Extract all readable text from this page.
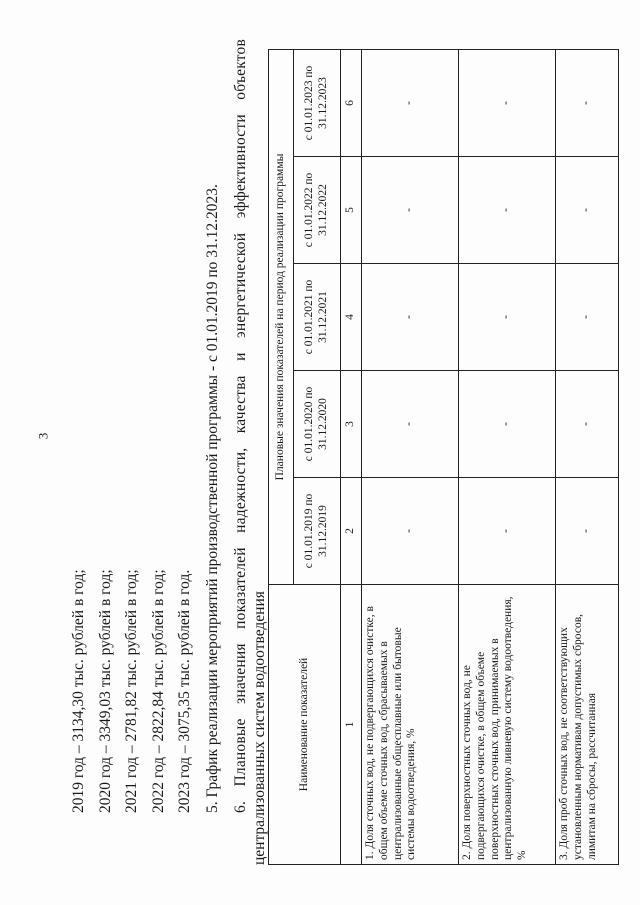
3
2019 год – 3134,30 тыс. рублей в год; 2020 год – 3349,03 тыс. рублей в год; 2021 год – 2781,82 тыс. рублей в год; 2022 год – 2822,84 тыс. рублей в год; 2023 год – 3075,35 тыс. рублей в год. 5. График реализации мероприятий производственной программы - с 01.01.2019 по 31.12.2023. 6. Плановые значения показателей надежности, качества и энергетической эффективности объектов централизованных систем водоотведения	Наименование показателей	Плановые значения показателей на период реализации программы				
	с 01.01.2019 по 31.12.2019	с 01.01.2020 по 31.12.2020	с 01.01.2021 по 31.12.2021	с 01.01.2022 по 31.12.2022	с 01.01.2023 по 31.12.2023
1	2	3	4	5	6
1. Доля сточных вод, не подвергающихся очистке, в общем объеме сточных вод, сбрасываемых в централизованные общесплавные или бытовые системы водоотведения, %	-	-	-	-	-
2. Доля поверхностных сточных вод, не подвергающихся очистке, в общем объеме поверхностных сточных вод, принимаемых в централизованную ливневую систему водоотведения, %	-	-	-	-	-
3. Доля проб сточных вод, не соответствующих установленным нормативам допустимых сбросов, лимитам на сбросы, рассчитанная	-	-	-	-	-
